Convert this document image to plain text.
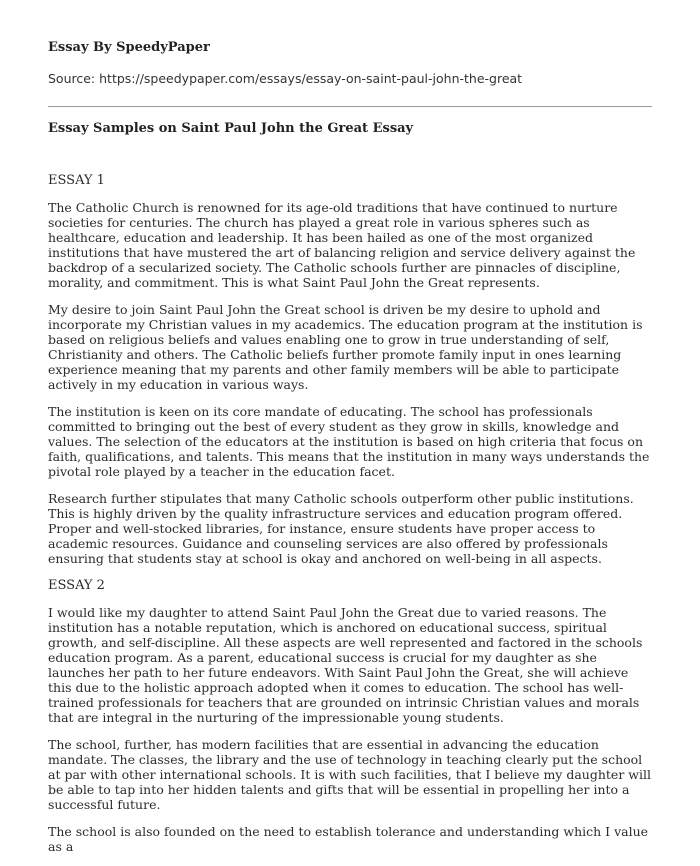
Essay By SpeedyPaper
Source: https://speedypaper.com/essays/essay-on-saint-paul-john-the-great
Essay Samples on Saint Paul John the Great Essay
ESSAY 1

The Catholic Church is renowned for its age-old traditions that have continued to nurture societies for centuries. The church has played a great role in various spheres such as healthcare, education and leadership. It has been hailed as one of the most organized institutions that have mustered the art of balancing religion and service delivery against the backdrop of a secularized society. The Catholic schools further are pinnacles of discipline, morality, and commitment. This is what Saint Paul John the Great represents.

My desire to join Saint Paul John the Great school is driven be my desire to uphold and incorporate my Christian values in my academics. The education program at the institution is based on religious beliefs and values enabling one to grow in true understanding of self, Christianity and others. The Catholic beliefs further promote family input in ones learning experience meaning that my parents and other family members will be able to participate actively in my education in various ways.

The institution is keen on its core mandate of educating. The school has professionals committed to bringing out the best of every student as they grow in skills, knowledge and values. The selection of the educators at the institution is based on high criteria that focus on faith, qualifications, and talents. This means that the institution in many ways understands the pivotal role played by a teacher in the education facet.

Research further stipulates that many Catholic schools outperform other public institutions. This is highly driven by the quality infrastructure services and education program offered. Proper and well-stocked libraries, for instance, ensure students have proper access to academic resources. Guidance and counseling services are also offered by professionals ensuring that students stay at school is okay and anchored on well-being in all aspects.

ESSAY 2

I would like my daughter to attend Saint Paul John the Great due to varied reasons. The institution has a notable reputation, which is anchored on educational success, spiritual growth, and self-discipline. All these aspects are well represented and factored in the schools education program. As a parent, educational success is crucial for my daughter as she launches her path to her future endeavors. With Saint Paul John the Great, she will achieve this due to the holistic approach adopted when it comes to education. The school has well-trained professionals for teachers that are grounded on intrinsic Christian values and morals that are integral in the nurturing of the impressionable young students.

The school, further, has modern facilities that are essential in advancing the education mandate. The classes, the library and the use of technology in teaching clearly put the school at par with other international schools. It is with such facilities, that I believe my daughter will be able to tap into her hidden talents and gifts that will be essential in propelling her into a successful future.

The school is also founded on the need to establish tolerance and understanding which I value as a
